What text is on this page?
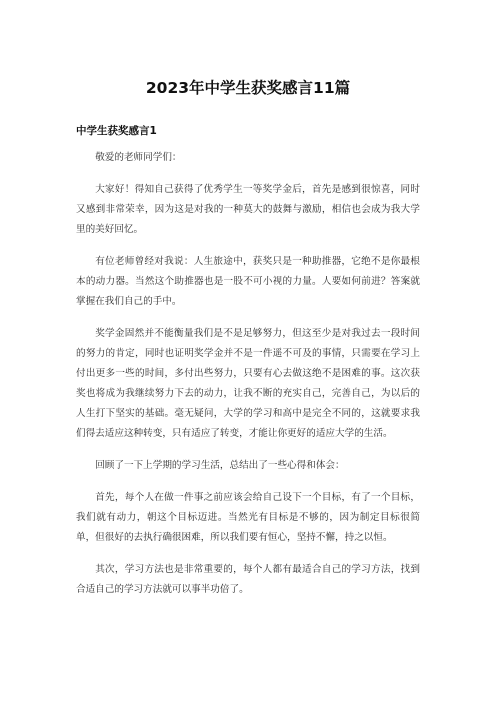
2023年中学生获奖感言11篇
中学生获奖感言1

敬爱的老师同学们：

大家好！得知自己获得了优秀学生一等奖学金后，首先是感到很惊喜，同时又感到非常荣幸，因为这是对我的一种莫大的鼓舞与激励，相信也会成为我大学里的美好回忆。

有位老师曾经对我说：人生旅途中，获奖只是一种助推器，它绝不是你最根本的动力器。当然这个助推器也是一股不可小视的力量。人要如何前进？答案就掌握在我们自己的手中。

奖学金固然并不能衡量我们是不是足够努力，但这至少是对我过去一段时间的努力的肯定，同时也证明奖学金并不是一件遥不可及的事情，只需要在学习上付出更多一些的时间，多付出些努力，只要有心去做这绝不是困难的事。这次获奖也将成为我继续努力下去的动力，让我不断的充实自己，完善自己，为以后的人生打下坚实的基础。毫无疑问，大学的学习和高中是完全不同的，这就要求我们得去适应这种转变，只有适应了转变，才能让你更好的适应大学的生活。

回顾了一下上学期的学习生活，总结出了一些心得和体会：

首先，每个人在做一件事之前应该会给自己设下一个目标，有了一个目标，我们就有动力，朝这个目标迈进。当然光有目标是不够的，因为制定目标很简单，但很好的去执行确很困难，所以我们要有恒心，坚持不懈，持之以恒。

其次，学习方法也是非常重要的，每个人都有最适合自己的学习方法，找到合适自己的学习方法就可以事半功倍了。
